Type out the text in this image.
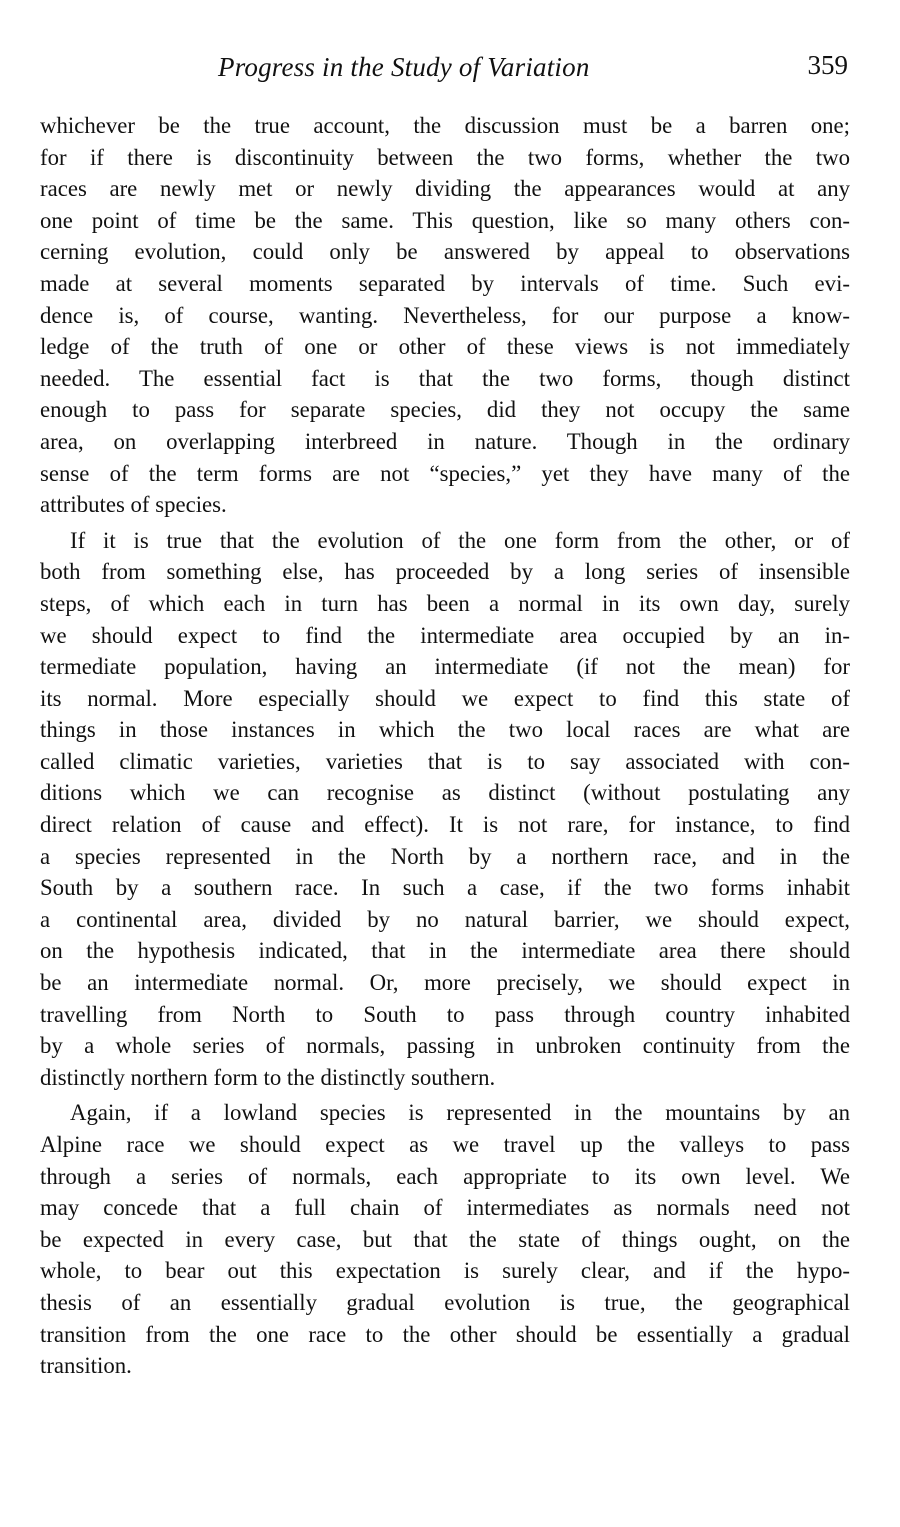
Progress in the Study of Variation	359
whichever be the true account, the discussion must be a barren one;
for if there is discontinuity between the two forms, whether the two
races are newly met or newly dividing the appearances would at any
one point of time be the same. This question, like so many others con-
cerning evolution, could only be answered by appeal to observations
made at several moments separated by intervals of time. Such evi-
dence is, of course, wanting. Nevertheless, for our purpose a know-
ledge of the truth of one or other of these views is not immediately
needed. The essential fact is that the two forms, though distinct
enough to pass for separate species, did they not occupy the same
area, on overlapping interbreed in nature. Though in the ordinary
sense of the term forms are not “species,” yet they have many of the
attributes of species.
If it is true that the evolution of the one form from the other, or of
both from something else, has proceeded by a long series of insensible
steps, of which each in turn has been a normal in its own day, surely
we should expect to find the intermediate area occupied by an in-
termediate population, having an intermediate (if not the mean) for
its normal. More especially should we expect to find this state of
things in those instances in which the two local races are what are
called climatic varieties, varieties that is to say associated with con-
ditions which we can recognise as distinct (without postulating any
direct relation of cause and effect). It is not rare, for instance, to find
a species represented in the North by a northern race, and in the
South by a southern race. In such a case, if the two forms inhabit
a continental area, divided by no natural barrier, we should expect,
on the hypothesis indicated, that in the intermediate area there should
be an intermediate normal. Or, more precisely, we should expect in
travelling from North to South to pass through country inhabited
by a whole series of normals, passing in unbroken continuity from the
distinctly northern form to the distinctly southern.
Again, if a lowland species is represented in the mountains by an
Alpine race we should expect as we travel up the valleys to pass
through a series of normals, each appropriate to its own level. We
may concede that a full chain of intermediates as normals need not
be expected in every case, but that the state of things ought, on the
whole, to bear out this expectation is surely clear, and if the hypo-
thesis of an essentially gradual evolution is true, the geographical
transition from the one race to the other should be essentially a gradual
transition.
